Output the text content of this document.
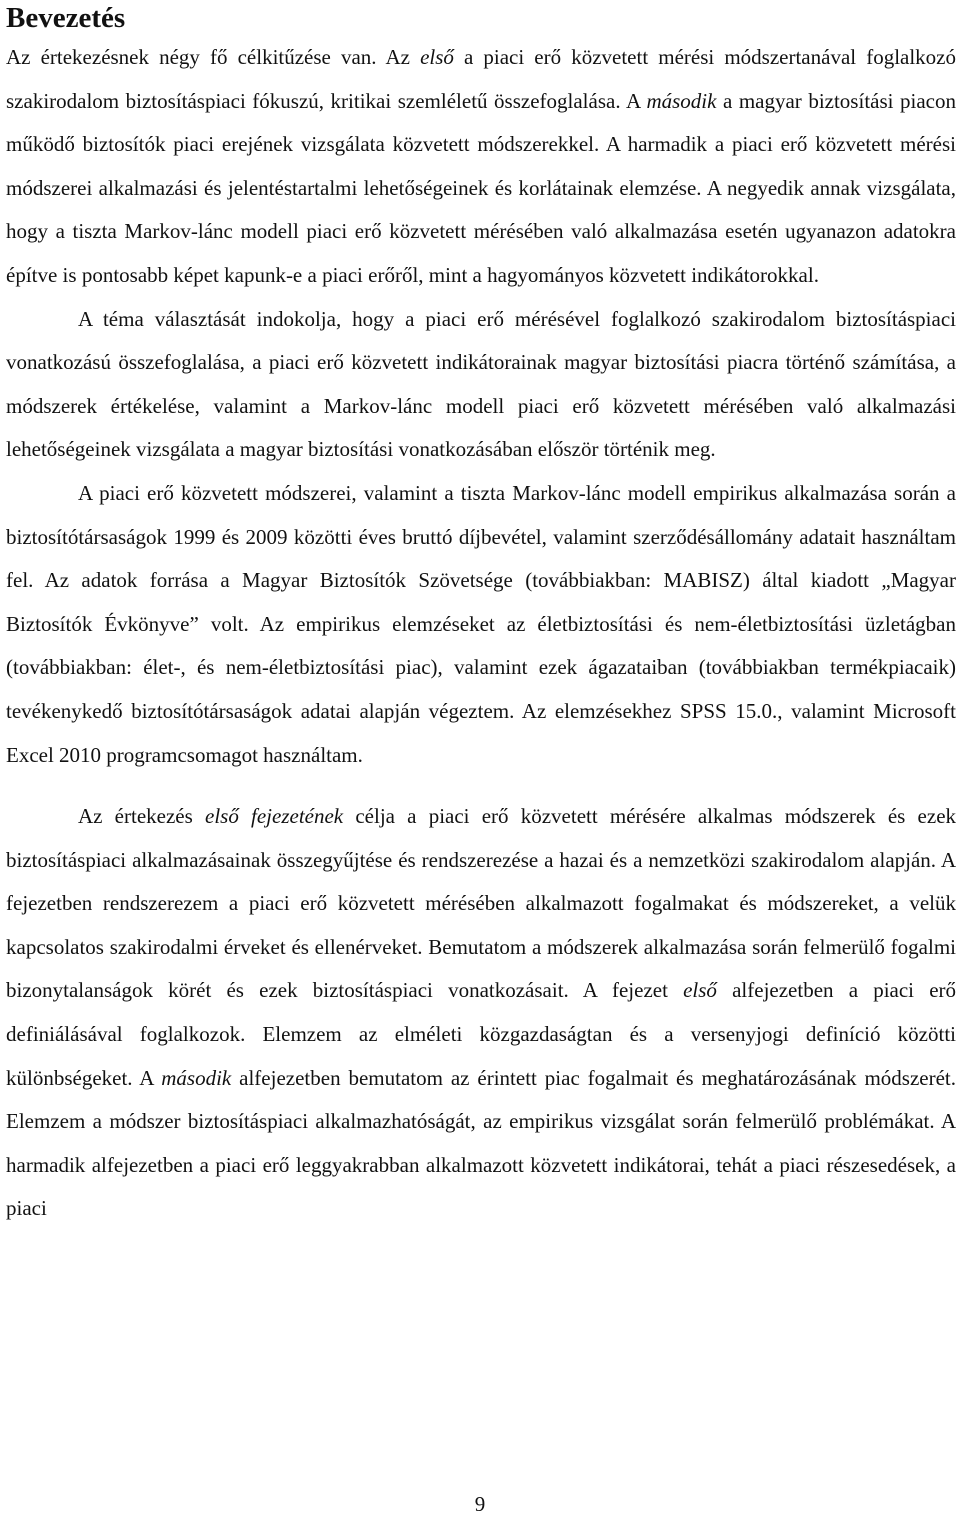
Bevezetés

Az értekezésnek négy fő célkitűzése van. Az első a piaci erő közvetett mérési módszertanával foglalkozó szakirodalom biztosításpiaci fókuszú, kritikai szemléletű összefoglalása. A második a magyar biztosítási piacon működő biztosítók piaci erejének vizsgálata közvetett módszerekkel. A harmadik a piaci erő közvetett mérési módszerei alkalmazási és jelentéstartalmi lehetőségeinek és korlátainak elemzése. A negyedik annak vizsgálata, hogy a tiszta Markov-lánc modell piaci erő közvetett mérésében való alkalmazása esetén ugyanazon adatokra építve is pontosabb képet kapunk-e a piaci erőről, mint a hagyományos közvetett indikátorokkal.

A téma választását indokolja, hogy a piaci erő mérésével foglalkozó szakirodalom biztosításpiaci vonatkozású összefoglalása, a piaci erő közvetett indikátorainak magyar biztosítási piacra történő számítása, a módszerek értékelése, valamint a Markov-lánc modell piaci erő közvetett mérésében való alkalmazási lehetőségeinek vizsgálata a magyar biztosítási vonatkozásában először történik meg.

A piaci erő közvetett módszerei, valamint a tiszta Markov-lánc modell empirikus alkalmazása során a biztosítótársaságok 1999 és 2009 közötti éves bruttó díjbevétel, valamint szerződésállomány adatait használtam fel. Az adatok forrása a Magyar Biztosítók Szövetsége (továbbiakban: MABISZ) által kiadott „Magyar Biztosítók Évkönyve” volt. Az empirikus elemzéseket az életbiztosítási és nem-életbiztosítási üzletágban (továbbiakban: élet-, és nem-életbiztosítási piac), valamint ezek ágazataiban (továbbiakban termékpiacaik) tevékenykedő biztosítótársaságok adatai alapján végeztem. Az elemzésekhez SPSS 15.0., valamint Microsoft Excel 2010 programcsomagot használtam.

Az értekezés első fejezetének célja a piaci erő közvetett mérésére alkalmas módszerek és ezek biztosításpiaci alkalmazásainak összegyűjtése és rendszerezése a hazai és a nemzetközi szakirodalom alapján. A fejezetben rendszerezem a piaci erő közvetett mérésében alkalmazott fogalmakat és módszereket, a velük kapcsolatos szakirodalmi érveket és ellenérveket. Bemutatom a módszerek alkalmazása során felmerülő fogalmi bizonytalanságok körét és ezek biztosításpiaci vonatkozásait. A fejezet első alfejezetben a piaci erő definiálásával foglalkozok. Elemzem az elméleti közgazdaságtan és a versenyjogi definíció közötti különbségeket. A második alfejezetben bemutatom az érintett piac fogalmait és meghatározásának módszerét. Elemzem a módszer biztosításpiaci alkalmazhatóságát, az empirikus vizsgálat során felmerülő problémákat. A harmadik alfejezetben a piaci erő leggyakrabban alkalmazott közvetett indikátorai, tehát a piaci részesedések, a piaci

9
